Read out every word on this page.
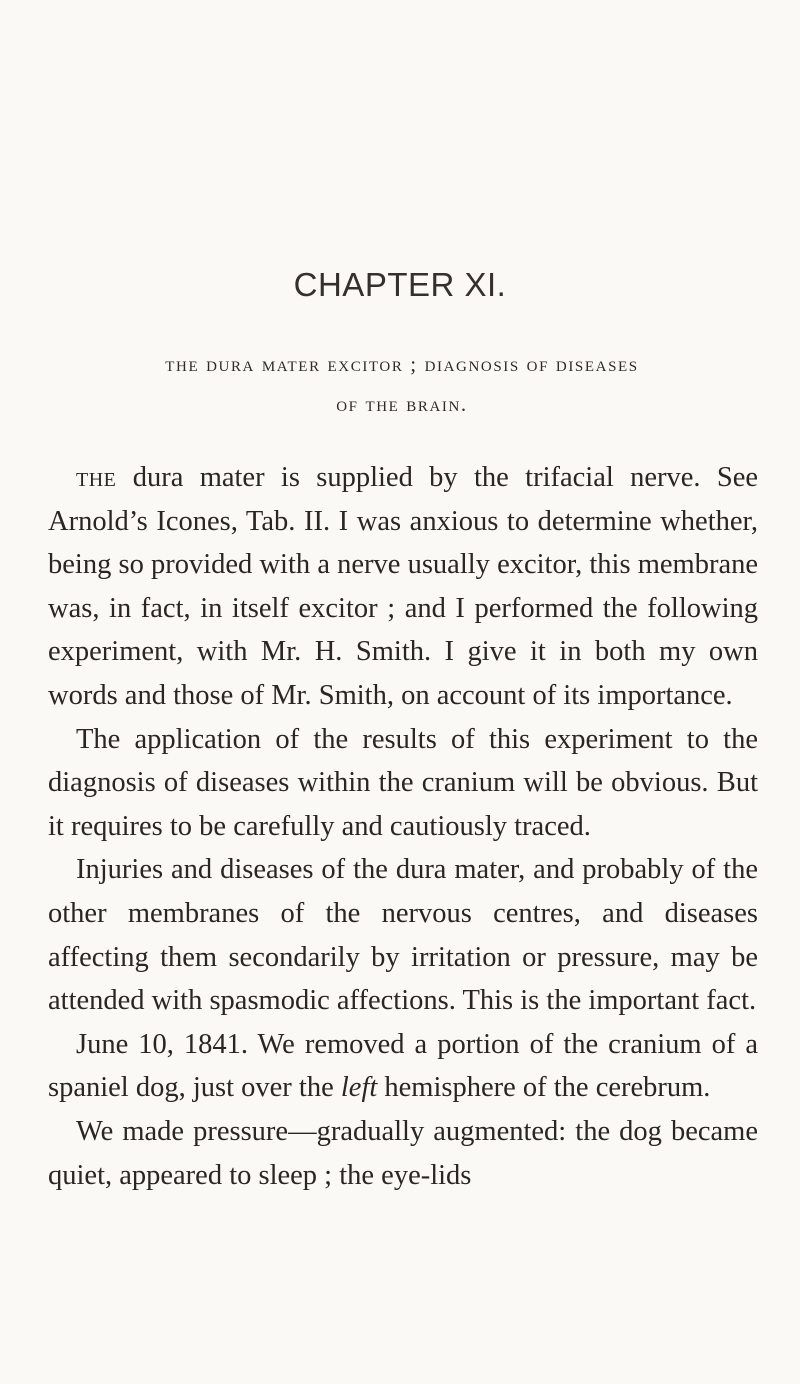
CHAPTER XI.
the dura mater excitor ; diagnosis of diseases
of the brain.

the dura mater is supplied by the trifacial nerve. See Arnold’s Icones, Tab. II. I was anxious to determine whether, being so provided with a nerve usually excitor, this membrane was, in fact, in itself excitor ; and I performed the following experiment, with Mr. H. Smith. I give it in both my own words and those of Mr. Smith, on account of its importance.

The application of the results of this experiment to the diagnosis of diseases within the cranium will be obvious. But it requires to be carefully and cautiously traced.

Injuries and diseases of the dura mater, and probably of the other membranes of the nervous centres, and diseases affecting them secondarily by irritation or pressure, may be attended with spasmodic affections. This is the important fact.

June 10, 1841. We removed a portion of the cranium of a spaniel dog, just over the left hemisphere of the cerebrum.

We made pressure—gradually augmented: the dog became quiet, appeared to sleep ; the eye-lids
